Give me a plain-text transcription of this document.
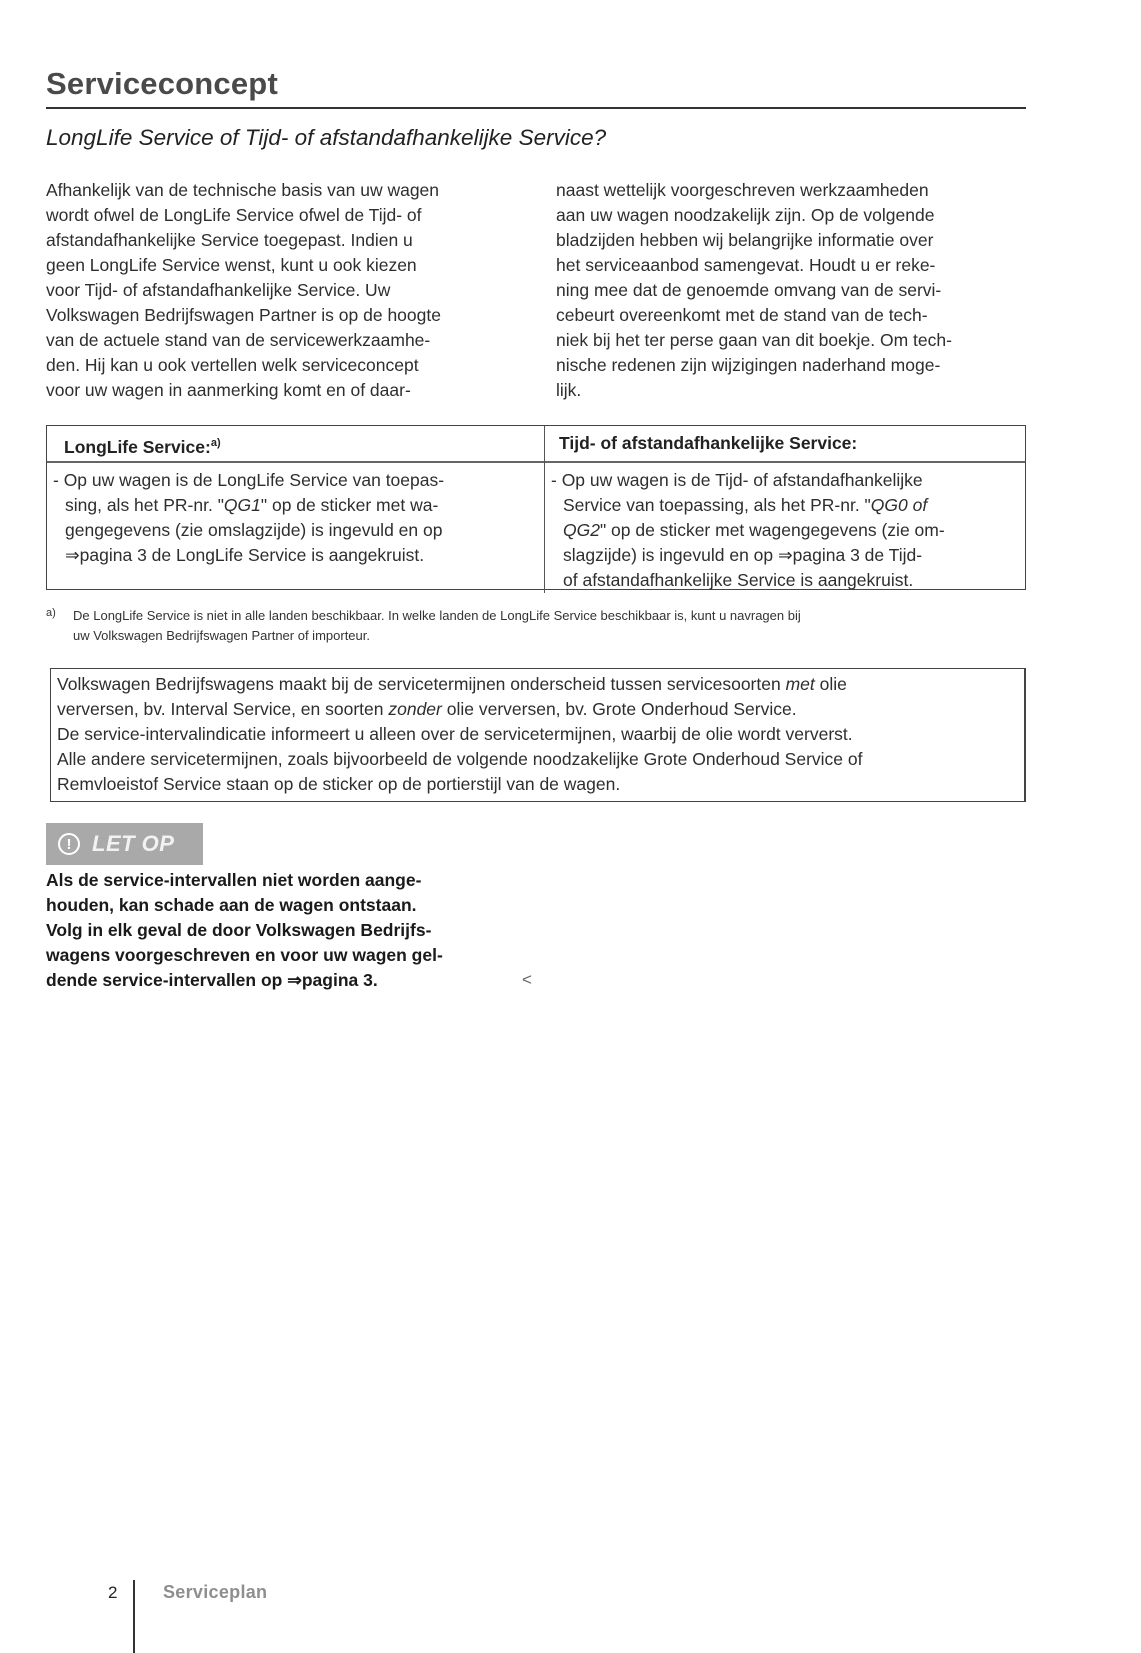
Serviceconcept
LongLife Service of Tijd- of afstandafhankelijke Service?
Afhankelijk van de technische basis van uw wagen
wordt ofwel de LongLife Service ofwel de Tijd- of
afstandafhankelijke Service toegepast. Indien u
geen LongLife Service wenst, kunt u ook kiezen
voor Tijd- of afstandafhankelijke Service. Uw
Volkswagen Bedrijfswagen Partner is op de hoogte
van de actuele stand van de servicewerkzaamhe-
den. Hij kan u ook vertellen welk serviceconcept
voor uw wagen in aanmerking komt en of daar-
naast wettelijk voorgeschreven werkzaamheden
aan uw wagen noodzakelijk zijn. Op de volgende
bladzijden hebben wij belangrijke informatie over
het serviceaanbod samengevat. Houdt u er reke-
ning mee dat de genoemde omvang van de servi-
cebeurt overeenkomt met de stand van de tech-
niek bij het ter perse gaan van dit boekje. Om tech-
nische redenen zijn wijzigingen naderhand moge-
lijk.
LongLife Service:$^{a)}$
- Op uw wagen is de LongLife Service van toepas-
sing, als het PR-nr. "QG1" op de sticker met wa-
gengegevens (zie omslagzijde) is ingevuld en op
⇒pagina 3 de LongLife Service is aangekruist.
Tijd- of afstandafhankelijke Service:
- Op uw wagen is de Tijd- of afstandafhankelijke
Service van toepassing, als het PR-nr. "QG0 of
QG2" op de sticker met wagengegevens (zie om-
slagzijde) is ingevuld en op ⇒pagina 3 de Tijd-
of afstandafhankelijke Service is aangekruist.
a) De LongLife Service is niet in alle landen beschikbaar. In welke landen de LongLife Service beschikbaar is, kunt u navragen bij
uw Volkswagen Bedrijfswagen Partner of importeur.
Volkswagen Bedrijfswagens maakt bij de servicetermijnen onderscheid tussen servicesoorten met olie
verversen, bv. Interval Service, en soorten zonder olie verversen, bv. Grote Onderhoud Service.
De service-intervalindicatie informeert u alleen over de servicetermijnen, waarbij de olie wordt ververst.
Alle andere servicetermijnen, zoals bijvoorbeeld de volgende noodzakelijke Grote Onderhoud Service of
Remvloeistof Service staan op de sticker op de portierstijl van de wagen.
! LET OP
Als de service-intervallen niet worden aange-
houden, kan schade aan de wagen ontstaan.
Volg in elk geval de door Volkswagen Bedrijfs-
wagens voorgeschreven en voor uw wagen gel-
dende service-intervallen op ⇒pagina 3.	<
2	Serviceplan
